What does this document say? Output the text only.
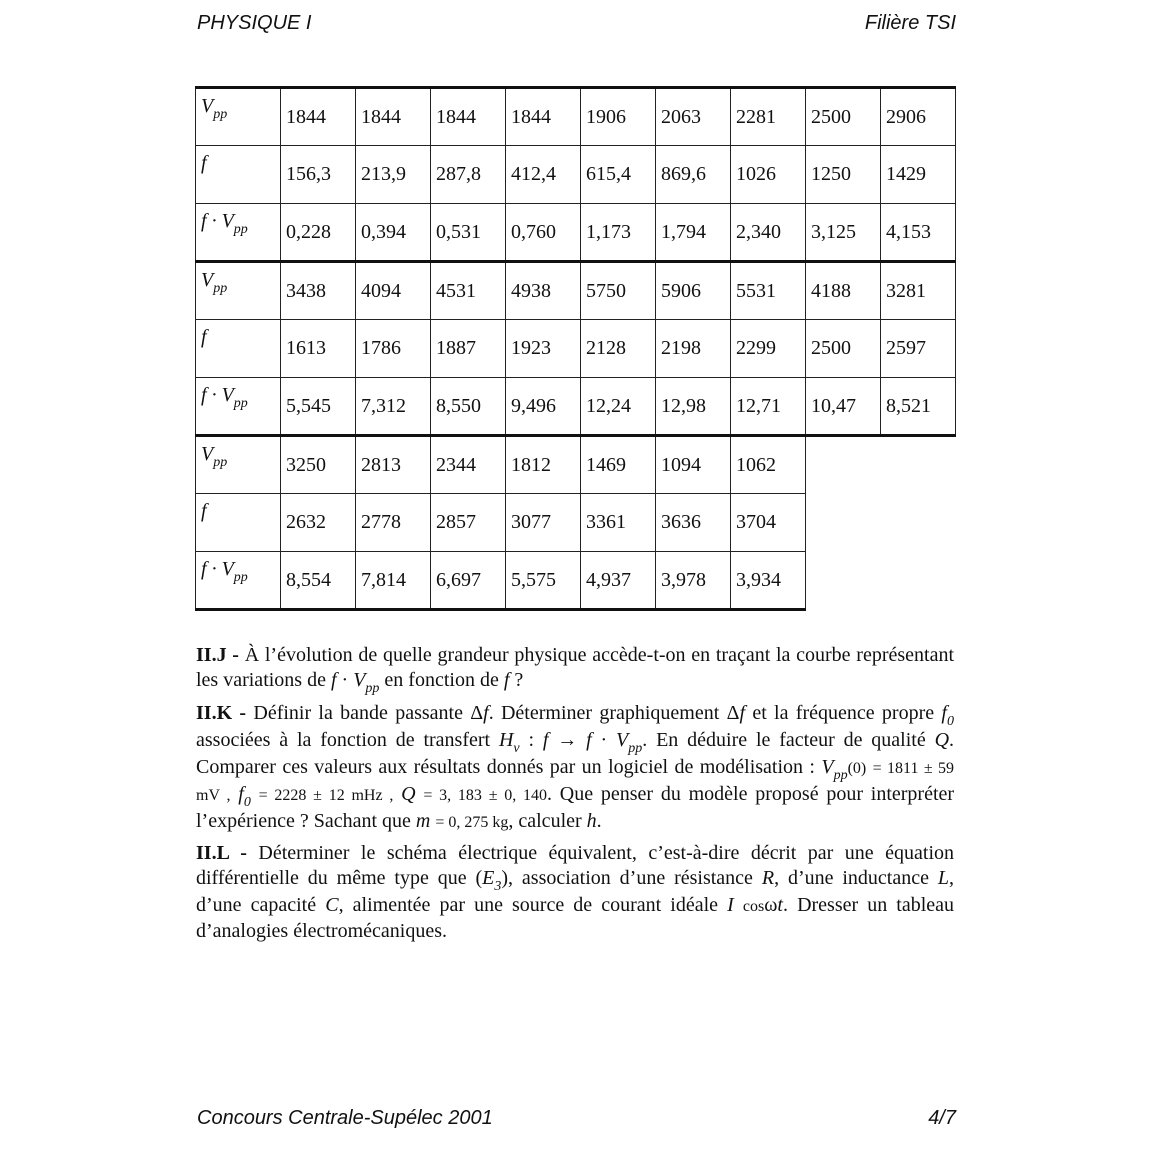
PHYSIQUE I	Filière TSI
$V_{pp}$	1844	1844	1844	1844	1906	2063	2281	2500	2906
f	156,3	213,9	287,8	412,4	615,4	869,6	1026	1250	1429
$f \cdot V_{pp}$	0,228	0,394	0,531	0,760	1,173	1,794	2,340	3,125	4,153
$V_{pp}$	3438	4094	4531	4938	5750	5906	5531	4188	3281
f	1613	1786	1887	1923	2128	2198	2299	2500	2597
$f \cdot V_{pp}$	5,545	7,312	8,550	9,496	12,24	12,98	12,71	10,47	8,521
$V_{pp}$	3250	2813	2344	1812	1469	1094	1062		
f	2632	2778	2857	3077	3361	3636	3704		
$f \cdot V_{pp}$	8,554	7,814	6,697	5,575	4,937	3,978	3,934		

II.J - À l’évolution de quelle grandeur physique accède-t-on en traçant la courbe représentant les variations de $f \cdot V_{pp}$ en fonction de f ?

II.K - Définir la bande passante Δf. Déterminer graphiquement Δf et la fréquence propre $f_0$ associées à la fonction de transfert $H_v$ : $f \to f \cdot V_{pp}$. En déduire le facteur de qualité Q. Comparer ces valeurs aux résultats donnés par un logiciel de modélisation : $V_{pp}(0) = 1811 \pm 59$ mV , $f_0 = 2228 \pm 12$ mHz , Q = 3, 183 ± 0, 140. Que penser du modèle proposé pour interpréter l’expérience ? Sachant que m = 0, 275 kg, calculer h.

II.L - Déterminer le schéma électrique équivalent, c’est-à-dire décrit par une équation différentielle du même type que $(E_3)$, association d’une résistance R, d’une inductance L, d’une capacité C, alimentée par une source de courant idéale I cosωt. Dresser un tableau d’analogies électromécaniques.

Concours Centrale-Supélec 2001	4/7
